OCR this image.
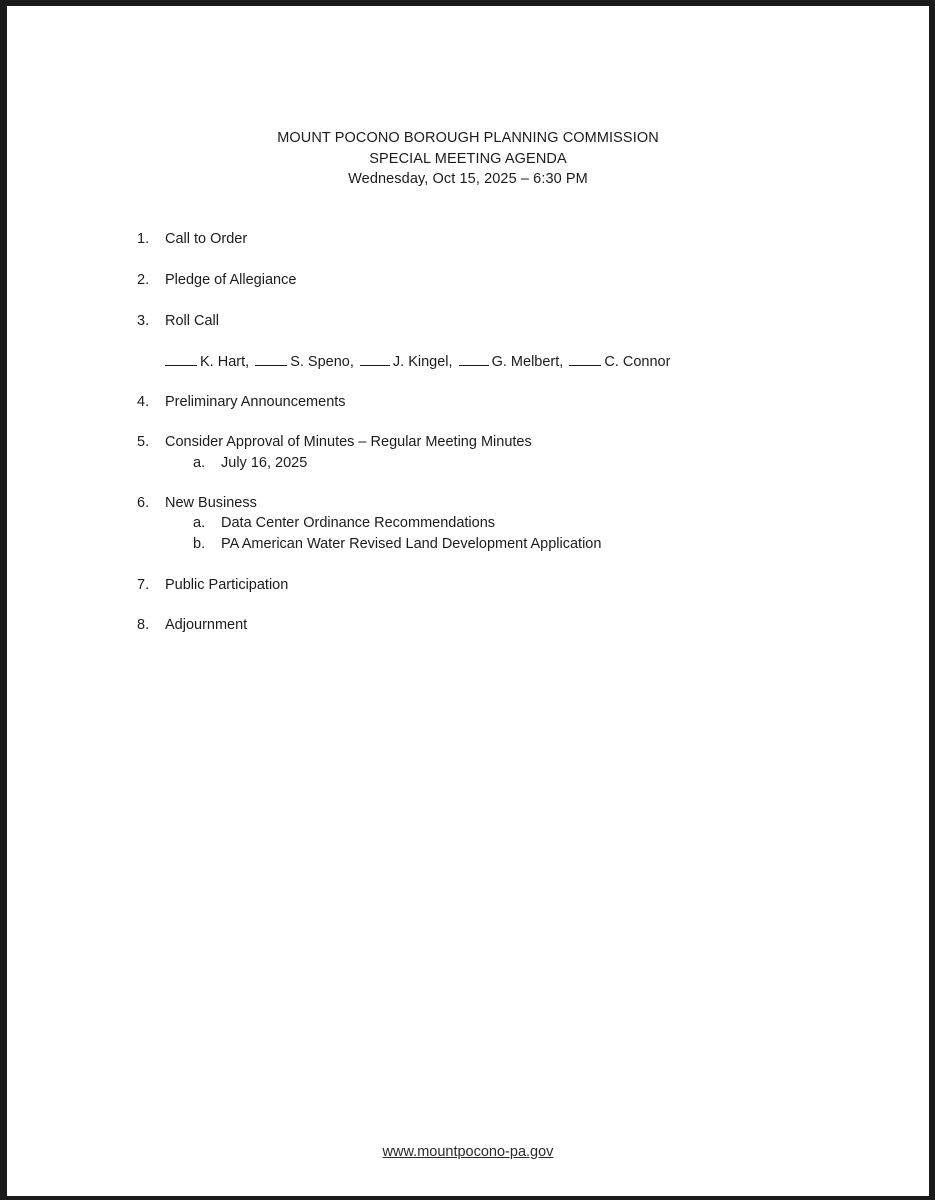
MOUNT POCONO BOROUGH PLANNING COMMISSION
SPECIAL MEETING AGENDA
Wednesday, Oct 15, 2025 – 6:30 PM
1. Call to Order
2. Pledge of Allegiance
3. Roll Call
K. Hart,	S. Speno,	J. Kingel,	G. Melbert,	C. Connor
4. Preliminary Announcements
5. Consider Approval of Minutes – Regular Meeting Minutes
a. July 16, 2025
6. New Business
a. Data Center Ordinance Recommendations
b. PA American Water Revised Land Development Application
7. Public Participation
8. Adjournment
www.mountpocono-pa.gov
